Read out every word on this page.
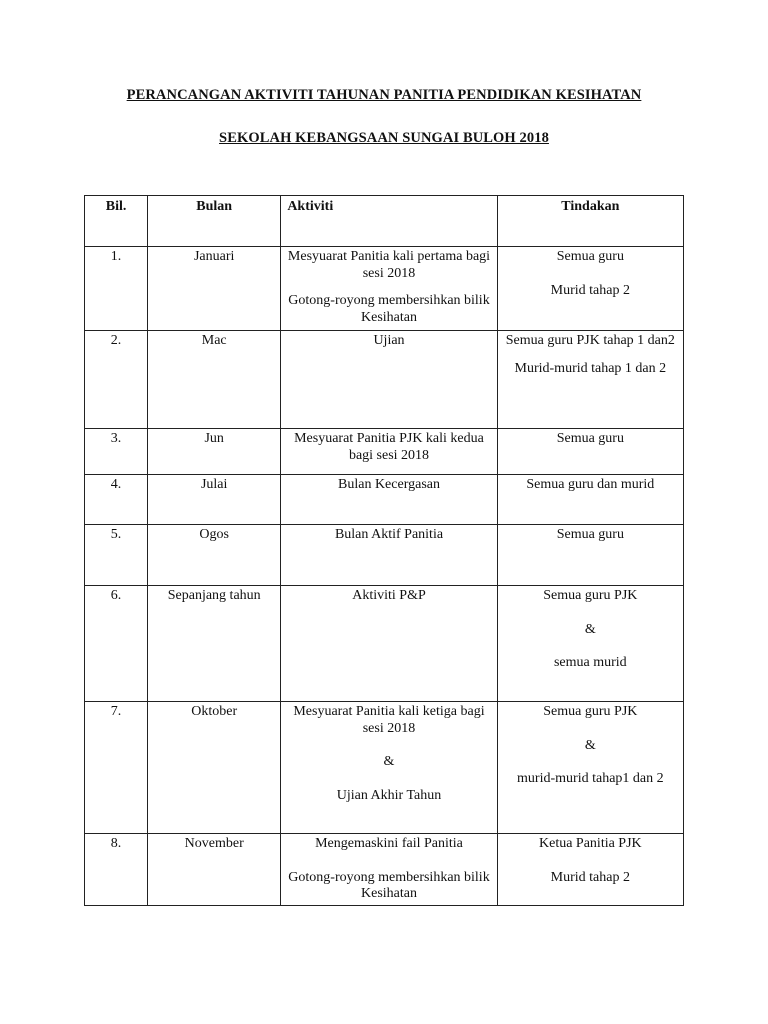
PERANCANGAN AKTIVITI TAHUNAN PANITIA PENDIDIKAN KESIHATAN
SEKOLAH KEBANGSAAN SUNGAI BULOH 2018
Bil.	Bulan	Aktiviti	Tindakan
1.	Januari	Mesyuarat Panitia kali pertama bagi sesi 2018
Gotong-royong membersihkan bilik Kesihatan	Semua guru
Murid tahap 2

2.	Mac	Ujian	Semua guru PJK tahap 1 dan2
Murid-murid tahap 1 dan 2

3.	Jun	Mesyuarat Panitia PJK kali kedua bagi sesi 2018	Semua guru

4.	Julai	Bulan Kecergasan	Semua guru dan murid

5.	Ogos	Bulan Aktif Panitia	Semua guru

6.	Sepanjang tahun	Aktiviti P&P	Semua guru PJK
&
semua murid

7.	Oktober	Mesyuarat Panitia kali ketiga bagi sesi 2018
&
Ujian Akhir Tahun	Semua guru PJK
&
murid-murid tahap1 dan 2

8.	November	Mengemaskini fail Panitia
Gotong-royong membersihkan bilik Kesihatan	Ketua Panitia PJK
Murid tahap 2
